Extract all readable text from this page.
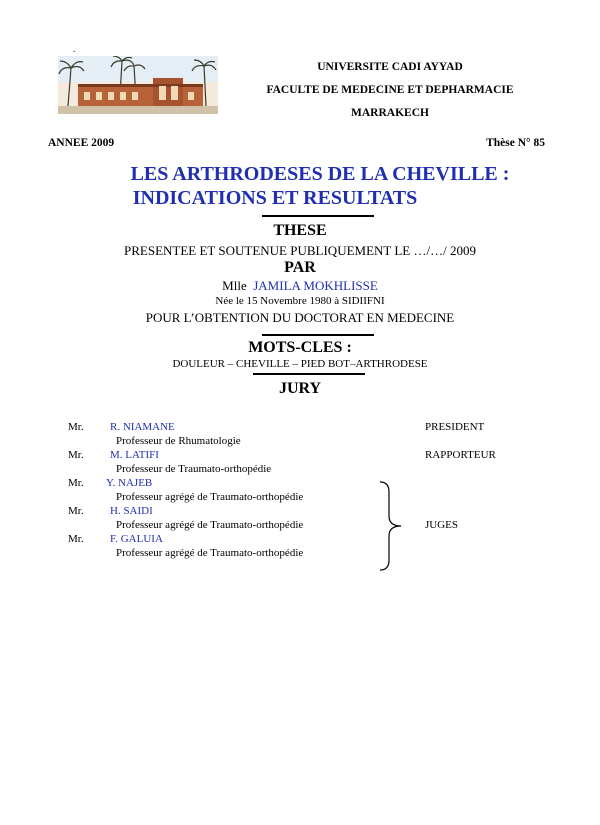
.
UNIVERSITE CADI AYYAD
FACULTE DE MEDECINE ET DEPHARMACIE
MARRAKECH
ANNEE 2009	Thèse N° 85
LES ARTHRODESES DE LA CHEVILLE :
INDICATIONS ET RESULTATS
THESE
PRESENTEE ET SOUTENUE PUBLIQUEMENT LE …/…/ 2009
PAR
Mlle JAMILA MOKHLISSE
Née le 15 Novembre 1980 à SIDIIFNI
POUR L’OBTENTION DU DOCTORAT EN MEDECINE
MOTS-CLES :
DOULEUR – CHEVILLE – PIED BOT–ARTHRODESE
JURY
Mr. R. NIAMANE	PRESIDENT
Professeur de Rhumatologie
Mr. M. LATIFI	RAPPORTEUR
Professeur de Traumato-orthopédie
Mr. Y. NAJEB
Professeur agrégé de Traumato-orthopédie
Mr. H. SAIDI
Professeur agrégé de Traumato-orthopédie
Mr. F. GALUIA
Professeur agrégé de Traumato-orthopédie
JUGES
